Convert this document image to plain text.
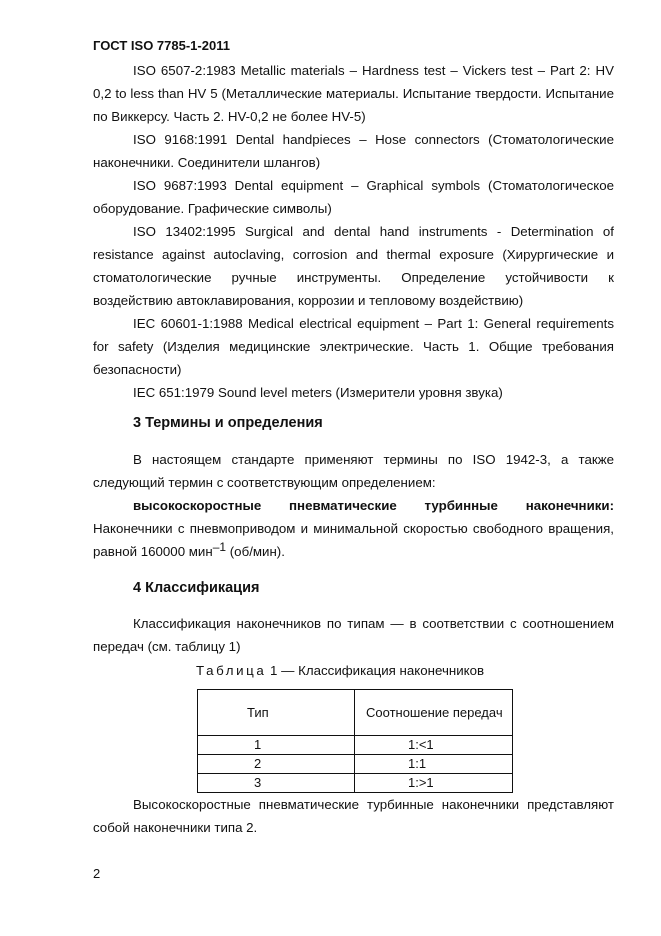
ГОСТ ISO 7785-1-2011

ISO 6507-2:1983 Metallic materials – Hardness test – Vickers test – Part 2: HV 0,2 to less than HV 5 (Металлические материалы. Испытание твердости. Испытание по Виккерсу. Часть 2. HV-0,2 не более HV-5)

ISO 9168:1991 Dental handpieces – Hose connectors (Стоматологические наконечники. Соединители шлангов)

ISO 9687:1993 Dental equipment – Graphical symbols (Стоматологическое оборудование. Графические символы)

ISO 13402:1995 Surgical and dental hand instruments - Determination of resistance against autoclaving, corrosion and thermal exposure (Хирургические и стоматологические ручные инструменты. Определение устойчивости к воздействию автоклавирования, коррозии и тепловому воздействию)

IEC 60601-1:1988 Medical electrical equipment – Part 1: General requirements for safety (Изделия медицинские электрические. Часть 1. Общие требования безопасности)

IEC 651:1979 Sound level meters (Измерители уровня звука)

3 Термины и определения

В настоящем стандарте применяют термины по ISO 1942-3, а также следующий термин с соответствующим определением:

высокоскоростные пневматические турбинные наконечники:

Наконечники с пневмоприводом и минимальной скоростью свободного вращения, равной 160000 мин$^{-1}$ (об/мин).

4 Классификация

Классификация наконечников по типам — в соответствии с соотношением передач (см. таблицу 1)

Таблица 1 — Классификация наконечников
Тип	Соотношение передач
1	1:<1
2	1:1
3	1:>1

Высокоскоростные пневматические турбинные наконечники представляют собой наконечники типа 2.

2
